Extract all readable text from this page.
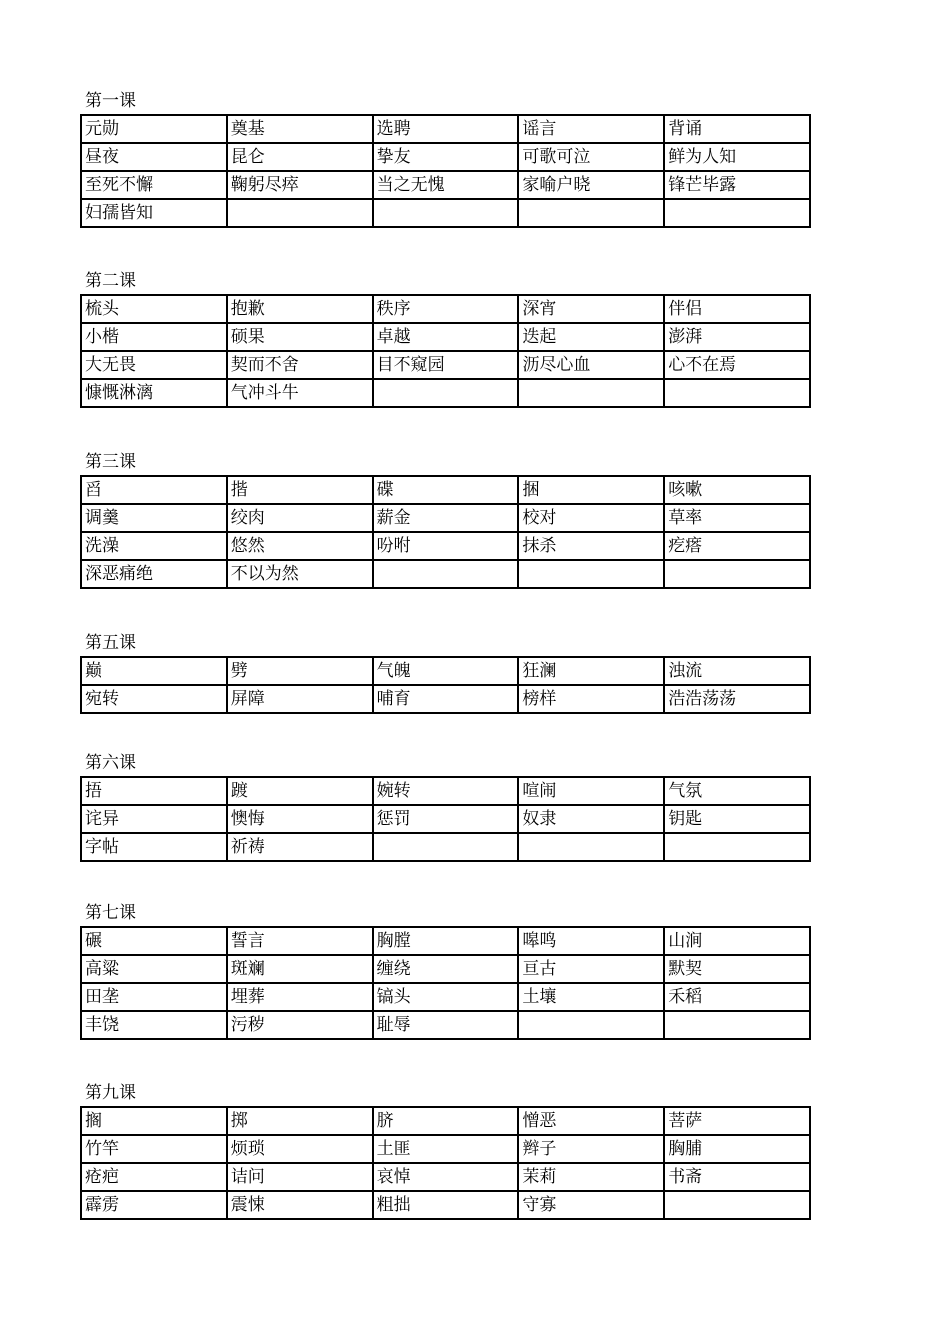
第一课
元勋	奠基	选聘	谣言	背诵
昼夜	昆仑	挚友	可歌可泣	鲜为人知
至死不懈	鞠躬尽瘁	当之无愧	家喻户晓	锋芒毕露
妇孺皆知				
第二课
梳头	抱歉	秩序	深宵	伴侣
小楷	硕果	卓越	迭起	澎湃
大无畏	契而不舍	目不窥园	沥尽心血	心不在焉
慷慨淋漓	气冲斗牛			
第三课
舀	揩	碟	捆	咳嗽
调羹	绞肉	薪金	校对	草率
洗澡	悠然	吩咐	抹杀	疙瘩
深恶痛绝	不以为然			
第五课
巅	劈	气魄	狂澜	浊流
宛转	屏障	哺育	榜样	浩浩荡荡
第六课
捂	踱	婉转	喧闹	气氛
诧异	懊悔	惩罚	奴隶	钥匙
字帖	祈祷			
第七课
碾	誓言	胸膛	嗥鸣	山涧
高粱	斑斓	缠绕	亘古	默契
田垄	埋葬	镐头	土壤	禾稻
丰饶	污秽	耻辱		
第九课
搁	掷	脐	憎恶	菩萨
竹竿	烦琐	土匪	辫子	胸脯
疮疤	诘问	哀悼	茉莉	书斋
霹雳	震悚	粗拙	守寡	
